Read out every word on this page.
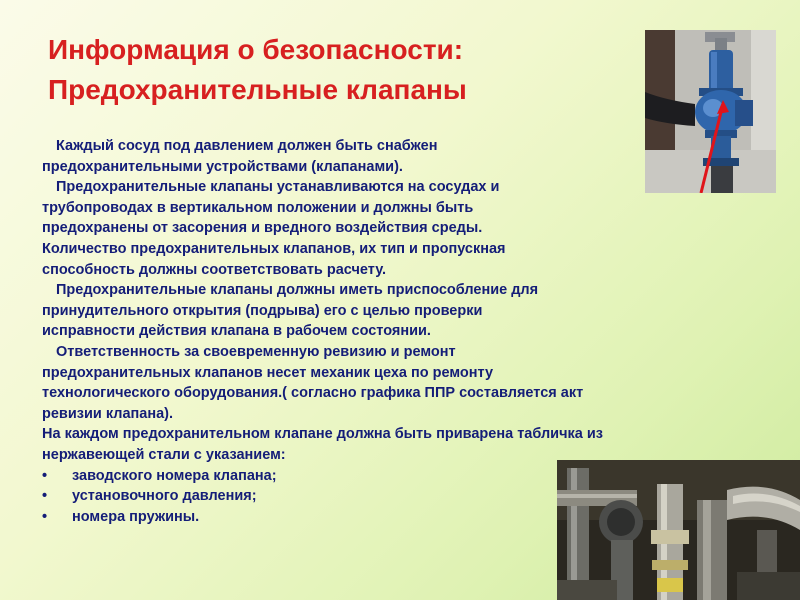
Информация о безопасности:
Предохранительные клапаны

Каждый сосуд под давлением должен быть снабжен

предохранительными устройствами (клапанами).

Предохранительные клапаны устанавливаются на сосудах и

трубопроводах в вертикальном положении и должны быть

предохранены от засорения и вредного воздействия среды.

Количество предохранительных клапанов, их тип и пропускная

способность должны соответствовать расчету.

Предохранительные клапаны должны иметь приспособление для

принудительного открытия (подрыва) его с целью проверки

исправности действия клапана в рабочем состоянии.

Ответственность за своевременную ревизию и ремонт

предохранительных клапанов несет механик цеха по ремонту

технологического оборудования.( согласно графика ППР составляется акт

ревизии клапана).

На каждом предохранительном клапане должна быть приварена табличка из

нержавеющей стали с указанием:

•	заводского номера клапана;
•	установочного давления;
•	номера пружины.
